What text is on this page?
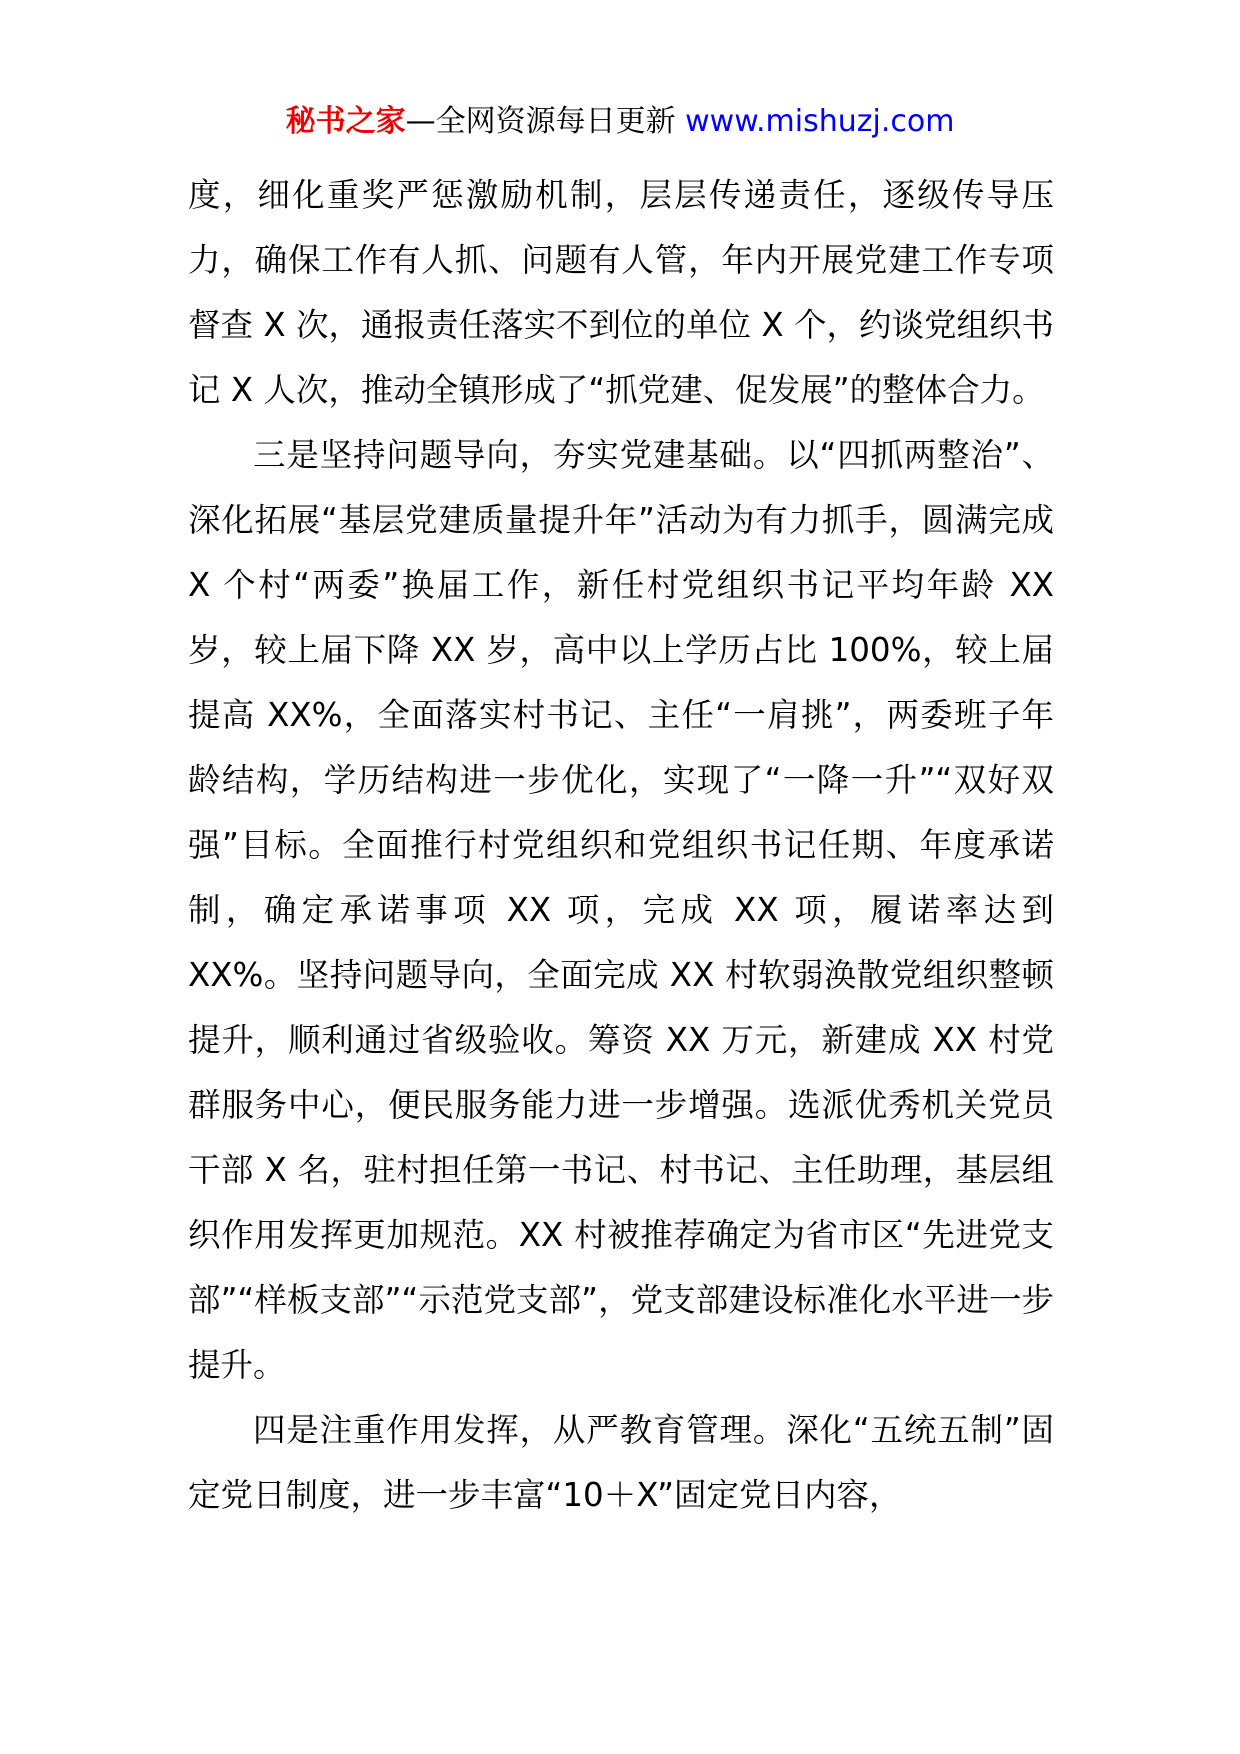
秘书之家—全网资源每日更新 www.mishuzj.com

度，细化重奖严惩激励机制，层层传递责任，逐级传导压力，确保工作有人抓、问题有人管，年内开展党建工作专项督查 X 次，通报责任落实不到位的单位 X 个，约谈党组织书记 X 人次，推动全镇形成了“抓党建、促发展”的整体合力。

三是坚持问题导向，夯实党建基础。以“四抓两整治”、深化拓展“基层党建质量提升年”活动为有力抓手，圆满完成 X 个村“两委”换届工作，新任村党组织书记平均年龄 XX 岁，较上届下降 XX 岁，高中以上学历占比 100%，较上届提高 XX%，全面落实村书记、主任“一肩挑”，两委班子年龄结构，学历结构进一步优化，实现了“一降一升”“双好双强”目标。全面推行村党组织和党组织书记任期、年度承诺制，确定承诺事项 XX 项，完成 XX 项，履诺率达到 XX%。坚持问题导向，全面完成 XX 村软弱涣散党组织整顿提升，顺利通过省级验收。筹资 XX 万元，新建成 XX 村党群服务中心，便民服务能力进一步增强。选派优秀机关党员干部 X 名，驻村担任第一书记、村书记、主任助理，基层组织作用发挥更加规范。XX 村被推荐确定为省市区“先进党支部”“样板支部”“示范党支部”，党支部建设标准化水平进一步提升。

四是注重作用发挥，从严教育管理。深化“五统五制”固定党日制度，进一步丰富“10＋X”固定党日内容，
